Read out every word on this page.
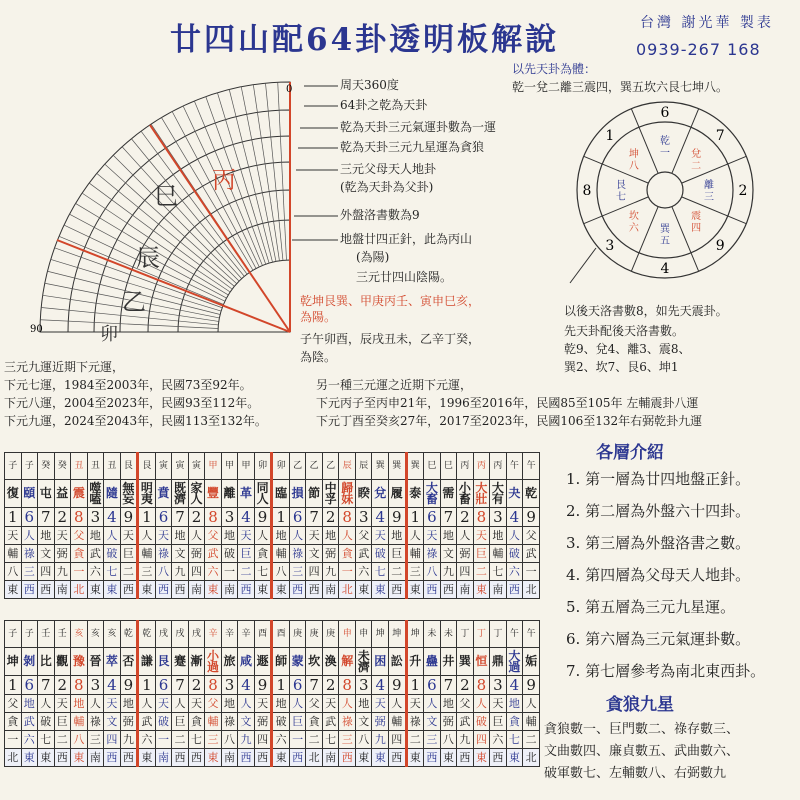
廿四山配64卦透明板解說	台灣 謝光華 製表
0939-267 168
0
90
丙
巳
辰
乙
卯
周天360度
64卦之乾為天卦
乾為天卦三元氣運卦數為一運
乾為天卦三元九星運為貪狼
三元父母天人地卦
(乾為天卦為父卦)
外盤洛書數為9
地盤廿四正針，此為丙山
(為陽)
三元廿四山陰陽。
乾坤艮巽、甲庚丙壬、寅申巳亥，
為陽。
子午卯酉，辰戌丑未，乙辛丁癸，
為陰。
以先天卦為體：
乾一兌二離三震四，巽五坎六艮七坤八。
6
7
2
9
4
3
8
1	乾
一 兌
二
離
三
震
四
巽
五
坎
六
艮
七
坤
八
以後天洛書數8，如先天震卦。
先天卦配後天洛書數。
乾9、兌4、離3、震8、
巽2、坎7、艮6、坤1
三元九運近期下元運，
下元七運，1984至2003年，民國73至92年。
下元八運，2004至2023年，民國93至112年。
下元九運，2024至2043年，民國113至132年。
另一種三元運之近期下元運，
下元丙子至丙申21年，1996至2016年，民國85至105年 左輔震卦八運
下元丁酉至癸亥27年，2017至2023年，民國106至132年右弼乾卦九運
子	子	癸	癸	丑	丑	丑	艮	艮	寅	寅	寅	甲	甲	甲	卯	卯	乙	乙	乙	辰	辰	巽	巽	巽	巳	巳	丙	丙	丙	午	午
復	頤	屯	益	震	噬嗑	隨	無妄	明夷	賁	既濟	家人	豐	離	革	同人	臨	損	節	中孚	歸妹	睽	兌	履	泰	大畜	需	小畜	大壯	大有	夬	乾
1	6	7	2	8	3	4	9	1	6	7	2	8	3	4	9	1	6	7	2	8	3	4	9	1	6	7	2	8	3	4	9
天	人	地	天	父	地	人	天	人	天	地	人	父	地	天	人	地	人	天	地	人	父	天	地	人	天	地	人	天	地	人	父
輔	祿	文	弼	貪	武	破	巨	輔	祿	文	弼	武	破	巨	貪	輔	祿	文	弼	貪	武	破	巨	輔	祿	文	弼	巨	輔	破	武
八	三	四	九	一	六	七	二	三	八	九	四	六	一	二	七	八	三	四	九	一	六	七	二	三	八	九	四	二	七	六	一
東	西	西	南	北	東	東	西	東	西	西	南	東	南	西	東	東	西	西	南	北	東	東	西	東	西	西	南	東	南	西	北
子	子	壬	壬	亥	亥	亥	乾	乾	戌	戌	戌	辛	辛	辛	酉	酉	庚	庚	庚	申	申	坤	坤	坤	未	未	丁	丁	丁	午	午
坤	剝	比	觀	豫	晉	萃	否	謙	艮	蹇	漸	小過	旅	咸	遯	師	蒙	坎	渙	解	未濟	困	訟	升	蠱	井	巽	恒	鼎	大過	姤
1	6	7	2	8	3	4	9	1	6	7	2	8	3	4	9	1	6	7	2	8	3	4	9	1	6	7	2	8	3	4	9
父	地	人	天	地	人	天	地	人	天	人	天	父	地	人	天	地	人	父	天	人	地	天	人	天	人	地	父	人	天	地	人
貪	武	破	巨	輔	祿	文	弼	武	破	巨	貪	輔	祿	文	弼	破	巨	貪	武	祿	文	弼	輔	祿	文	弼	武	破	巨	貪	輔
一	六	七	二	八	三	四	九	六	一	二	七	三	八	九	四	六	一	二	七	三	八	九	四	二	三	八	九	四	六	七	二
北	東	東	西	東	南	西	西	東	南	西	西	東	南	西	西	東	西	北	南	西	東	東	西	東	西	東	西	東	西	東	北
各層介紹
1. 第一層為廿四地盤正針。
2. 第二層為外盤六十四卦。
3. 第三層為外盤洛書之數。
4. 第四層為父母天人地卦。
5. 第五層為三元九星運。
6. 第六層為三元氣運卦數。
7. 第七層參考為南北東西卦。
貪狼九星
貪狼數一、巨門數二、祿存數三、
文曲數四、廉貞數五、武曲數六、
破軍數七、左輔數八、右弼數九
